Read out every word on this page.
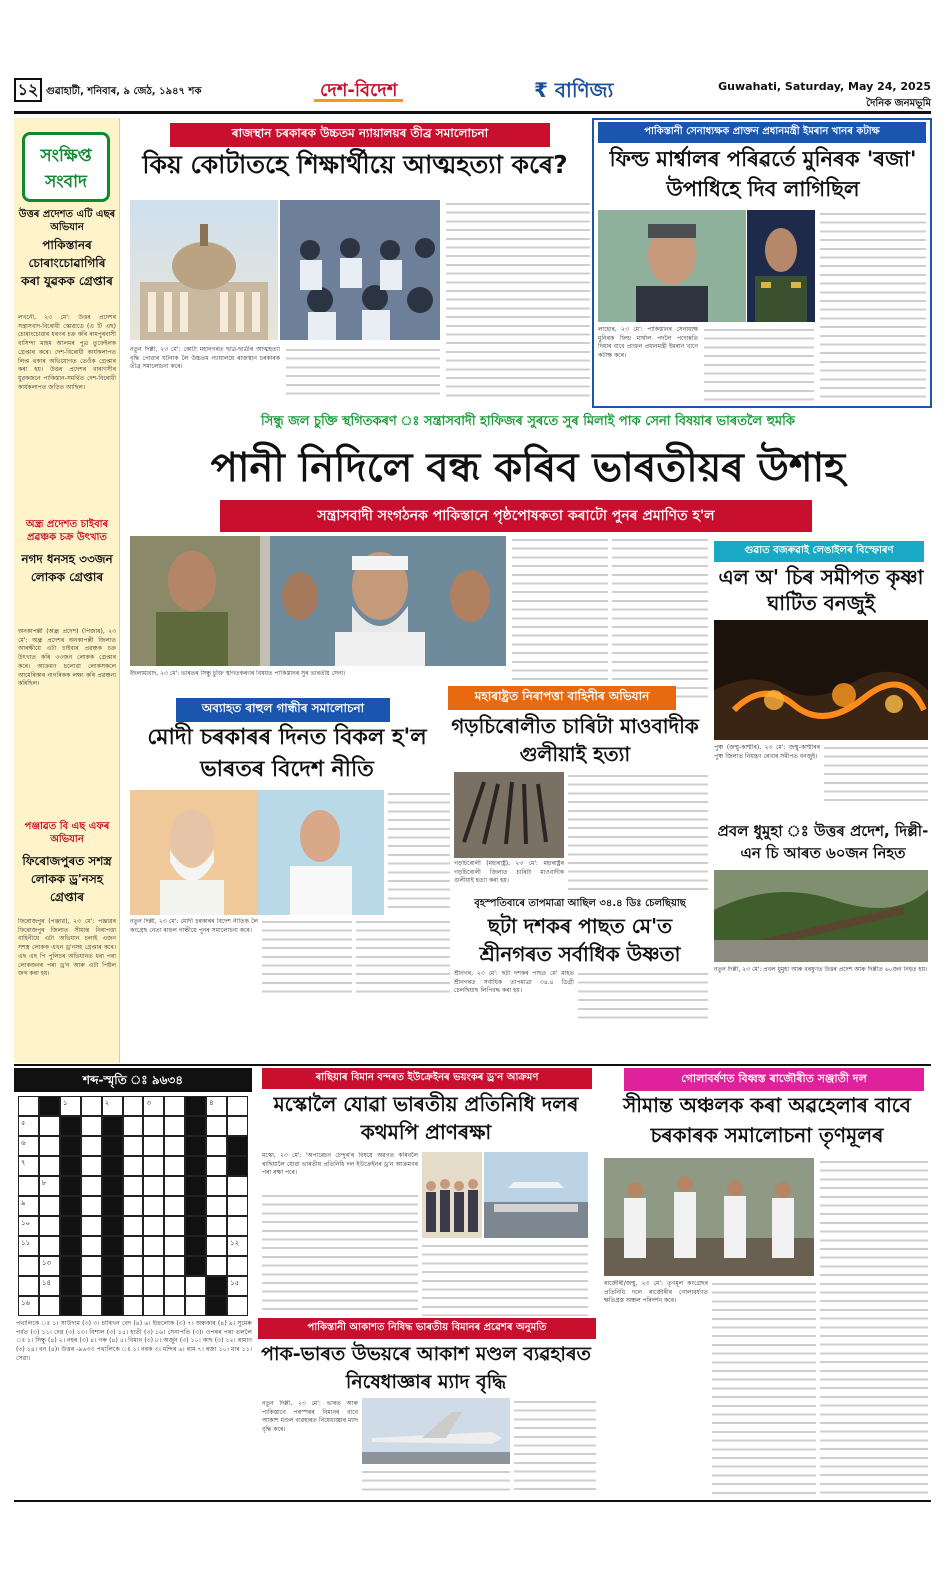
১২ গুৱাহাটী, শনিবাৰ, ৯ জেঠ, ১৯৪৭ শক	দেশ-বিদেশ	₹ বাণিজ্য	Guwahati, Saturday, May 24, 2025
দৈনিক জনমভূমি
সংক্ষিপ্ত সংবাদ
উত্তৰ প্ৰদেশত এটি এছৰ অভিযান
পাকিস্তানৰ চোৰাংচোৱাগিৰি কৰা যুৱকক গ্ৰেপ্তাৰ
লখনৌ, ২৩ মে': উত্তৰ প্ৰদেশৰ সন্ত্ৰাসবাদ-বিৰোধী স্কোৱাডে (এ টি এছ) চোৰাংচোৱাৰ ধৰণৰ চক্ৰ কৰি ৰামপুৰবাসী বাসিন্দা মাহম আলমৰ পুত্ৰ তুফেইলক গ্ৰেপ্তাৰ কৰে। দেশ-বিৰোধী কাৰ্যকলাপত লিপ্ত থকাৰ অভিযোগত তেওঁক গ্ৰেপ্তাৰ কৰা হয়। উত্তৰ প্ৰদেশৰ বাৰাণসীৰ যুৱকজনে পাকিস্তান-সমৰ্থিত দেশ-বিৰোধী কাৰ্যকলাপত জড়িত আছিল।
অন্ধ্ৰ প্ৰদেশত চাইবাৰ প্ৰৱঞ্চক চক্ৰ উৎখাত
নগদ ধনসহ ৩৩জন লোকক গ্ৰেপ্তাৰ
অনকাপল্লী (অন্ধ্ৰ প্ৰদেশ) (পিজাৰ), ২৩ মে': অন্ধ্ৰ প্ৰদেশৰ অনকাপল্লী জিলাত আৰক্ষীয়ে এটা চাইবাৰ প্ৰৱঞ্চক চক্ৰ উৎখাত কৰি ৩৩জন লোকক গ্ৰেপ্তাৰ কৰে। আক্ৰমণ চলোৱা লোকসকলে আমেৰিকাৰ নাগৰিকক লক্ষ্য কৰি প্ৰৱঞ্চনা কৰিছিল।
পঞ্জাৱত বি এছ এফৰ অভিযান
ফিৰোজপুৰত সশস্ত্ৰ লোকক ড্ৰ'নসহ গ্ৰেপ্তাৰ
ফিৰোজপুৰ (পঞ্জাৱ), ২৩ মে': পঞ্জাৱৰ ফিৰোজপুৰ জিলাত সীমান্ত নিৰাপত্তা বাহিনীয়ে এটা অভিযান চলাই এজন সশস্ত্ৰ লোকক এখন ড্ৰ'নসহ গ্ৰেপ্তাৰ কৰে। এছ এছ পি পুলিচৰ অভিযানত ধৰা পৰা লোকজনৰ পৰা ড্ৰ'ন আৰু এটা পিষ্টল জব্দ কৰা হয়।
ৰাজস্থান চৰকাৰক উচ্চতম ন্যায়ালয়ৰ তীব্ৰ সমালোচনা
কিয় কোটাতহে শিক্ষাৰ্থীয়ে আত্মহত্যা কৰে?
নতুন দিল্লী, ২৩ মে': কোটা মহানগৰত ছাত্ৰ-ছাত্ৰীৰ আত্মহত্যা বৃদ্ধি পোৱাৰ ঘটনাক লৈ উচ্চতম ন্যায়ালয়ে ৰাজস্থান চৰকাৰক তীব্ৰ সমালোচনা কৰে।
পাকিস্তানী সেনাধ্যক্ষক প্ৰাক্তন প্ৰধানমন্ত্ৰী ইমৰান খানৰ কটাক্ষ
ফিল্ড মাৰ্শ্বালৰ পৰিৱৰ্তে মুনিৰক 'ৰজা' উপাধিহে দিব লাগিছিল
লাহোৰ, ২৩ মে': পাকিস্তানৰ সেনাধ্যক্ষ মুনিৰক ফিল্ড মাৰ্শ্বাল পদলৈ পদোন্নতি দিয়াৰ বাবে প্ৰাক্তন প্ৰধানমন্ত্ৰী ইমৰান খানে কটাক্ষ কৰে।
সিন্ধু জল চুক্তি স্থগিতকৰণ ঃ সন্ত্ৰাসবাদী হাফিজৰ সুৰতে সুৰ মিলাই পাক সেনা বিষয়াৰ ভাৰতলৈ হুমকি
পানী নিদিলে বন্ধ কৰিব ভাৰতীয়ৰ উশাহ
সন্ত্ৰাসবাদী সংগঠনক পাকিস্তানে পৃষ্ঠপোষকতা কৰাটো পুনৰ প্ৰমাণিত হ'ল
ইছলামাবাদ, ২৩ মে': ভাৰতৰ সিন্ধু চুক্তি স্থগিতকৰণৰ বিষয়ত পাকিস্তানৰ সুৰ ভাৰতীয় সেনা।
গুৱাত বজৰুৱাই লেঙাইলৰ বিস্ফোৰণ
এল অ' চিৰ সমীপত কৃষ্ণা ঘাটিত বনজুই
পুঞ্চ (জম্মু-কাশ্মীৰ), ২৩ মে': জম্মু-কাশ্মীৰৰ পুঞ্চ জিলাত নিয়ন্ত্ৰণ ৰেখাৰ সমীপত বনজুই।
অব্যাহত ৰাহুল গান্ধীৰ সমালোচনা
মোদী চৰকাৰৰ দিনত বিকল হ'ল ভাৰতৰ বিদেশ নীতি
নতুন দিল্লী, ২৩ মে': মোদী চৰকাৰৰ বিদেশ নীতিক লৈ কংগ্ৰেছ নেতা ৰাহুল গান্ধীয়ে পুনৰ সমালোচনা কৰে।
মহাৰাষ্ট্ৰত নিৰাপত্তা বাহিনীৰ অভিযান
গড়চিৰোলীত চাৰিটা মাওবাদীক গুলীয়াই হত্যা
গড়চিৰোলী (মহাৰাষ্ট্ৰ), ২৩ মে': মহাৰাষ্ট্ৰৰ গড়চিৰোলী জিলাত চাৰিটা মাওবাদীক গুলীয়াই হত্যা কৰা হয়।
বৃহস্পতিবাৰে তাপমাত্ৰা আছিল ৩৪.৪ ডিঃ চেলছিয়াছ
ছটা দশকৰ পাছত মে'ত শ্ৰীনগৰত সৰ্বাধিক উষ্ণতা
শ্ৰীনগৰ, ২৩ মে': ছটা দশকৰ পাছত মে' মাহত শ্ৰীনগৰত সৰ্বাধিক তাপমাত্ৰা ৩৪.৪ ডিগ্ৰী চেলছিয়াছ লিপিবদ্ধ কৰা হয়।
প্ৰবল ধুমুহা ঃ উত্তৰ প্ৰদেশ, দিল্লী-এন চি আৰত ৬০জন নিহত
নতুন দিল্লী, ২৩ মে': প্ৰবল ধুমুহা আৰু বৰষুণত উত্তৰ প্ৰদেশ আৰু দিল্লীত ৬০জন নিহত হয়।
শব্দ-স্মৃতি ঃ ৯৬৩৪
১	২	৩	৪
৫
৬
৭
৮
৯
১০
১১	১২
১৩
১৪	১৫
১৬
পথালিকে ঃ ১। সাউদাম (৩) ৩। চাৰিখন বেদ (৪) ৬। ইন্দ্ৰলোক (৩) ৭। অন্ধকাৰ (৪) ৯। সুমেৰু পৰ্বত (৩) ১১। দেৱ (৩) ১৩। বিশাল (৩) ১৫। হাতী (৩) ১৬। সেনাপতি (৩)। ওপৰৰ পৰা তললৈ ঃ ১। সিন্ধু (৪) ২। নহৰ (৩) ৪। গৰু (৪) ৫। বিমান (৩) ৮। অৰ্জুন (৩) ১০। কাছ (৩) ১২। ৰামাণ (৩) ১৪। বন (৪)। উত্তৰ -৯৬৩৩ পথালিকে ঃ ১। নৰক ৩। মন্দিৰ ৬। ৰাম ৭। ৰজা ১০। মাৰ ১১। সেৱা।
ৰাছিয়াৰ বিমান বন্দৰত ইউক্ৰেইনৰ ভয়ংকৰ ড্ৰ'ন আক্ৰমণ
মস্কোলৈ যোৱা ভাৰতীয় প্ৰতিনিধি দলৰ কথমপি প্ৰাণৰক্ষা
মস্কো, ২৩ মে': 'অপাৰেচন চেন্দুৰ'ৰ বিষয়ে অৱগত কৰিবলৈ ৰাছিয়ালৈ যোৱা ভাৰতীয় প্ৰতিনিধি দল ইউক্ৰেইনৰ ড্ৰ'ন আক্ৰমণৰ পৰা ৰক্ষা পৰে।
পাকিস্তানী আকাশত নিষিদ্ধ ভাৰতীয় বিমানৰ প্ৰৱেশৰ অনুমতি
পাক-ভাৰত উভয়ৰে আকাশ মণ্ডল ব্যৱহাৰত নিষেধাজ্ঞাৰ ম্যাদ বৃদ্ধি
নতুন দিল্লী, ২৩ মে': ভাৰত আৰু পাকিস্তানে পৰস্পৰৰ বিমানৰ বাবে আকাশ মণ্ডল ব্যৱহাৰত নিষেধাজ্ঞাৰ ম্যাদ বৃদ্ধি কৰে।
গোলাবৰ্ষণত বিধ্বস্ত ৰাজৌৰীত সঞ্জাতী দল
সীমান্ত অঞ্চলক কৰা অৱহেলাৰ বাবে চৰকাৰক সমালোচনা তৃণমূলৰ
ৰাজৌৰী/জম্মু, ২৩ মে': তৃণমূল কংগ্ৰেছৰ প্ৰতিনিধি দলে ৰাজৌৰীৰ গোলাবৰ্ষণত ক্ষতিগ্ৰস্ত অঞ্চল পৰিদৰ্শন কৰে।
